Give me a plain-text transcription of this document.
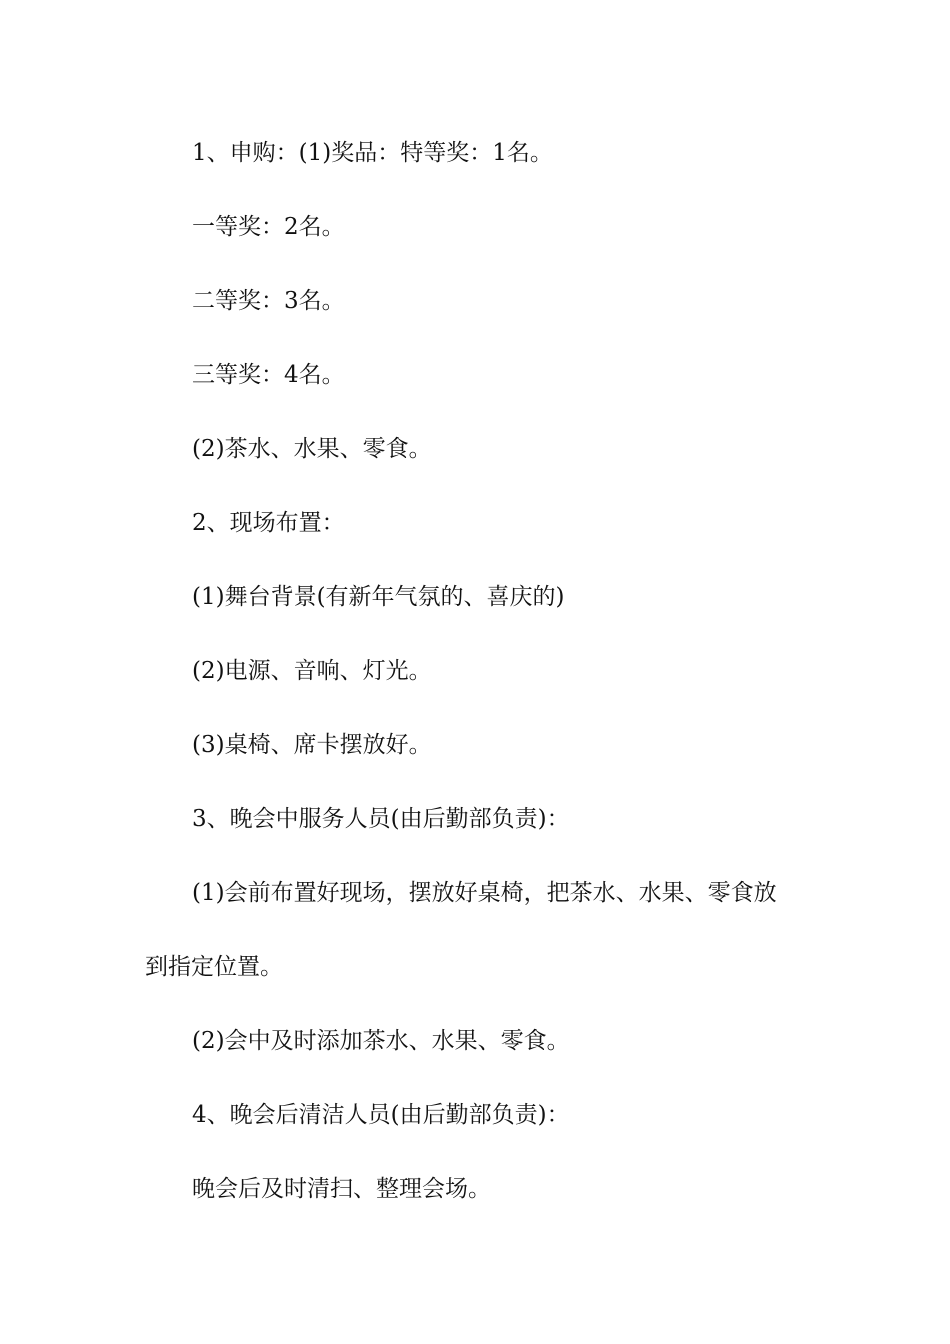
1、申购：(1)奖品：特等奖：1名。

一等奖：2名。

二等奖：3名。

三等奖：4名。

(2)茶水、水果、零食。

2、现场布置：

(1)舞台背景(有新年气氛的、喜庆的)

(2)电源、音响、灯光。

(3)桌椅、席卡摆放好。

3、晚会中服务人员(由后勤部负责)：

(1)会前布置好现场，摆放好桌椅，把茶水、水果、零食放

到指定位置。

(2)会中及时添加茶水、水果、零食。

4、晚会后清洁人员(由后勤部负责)：

晚会后及时清扫、整理会场。
